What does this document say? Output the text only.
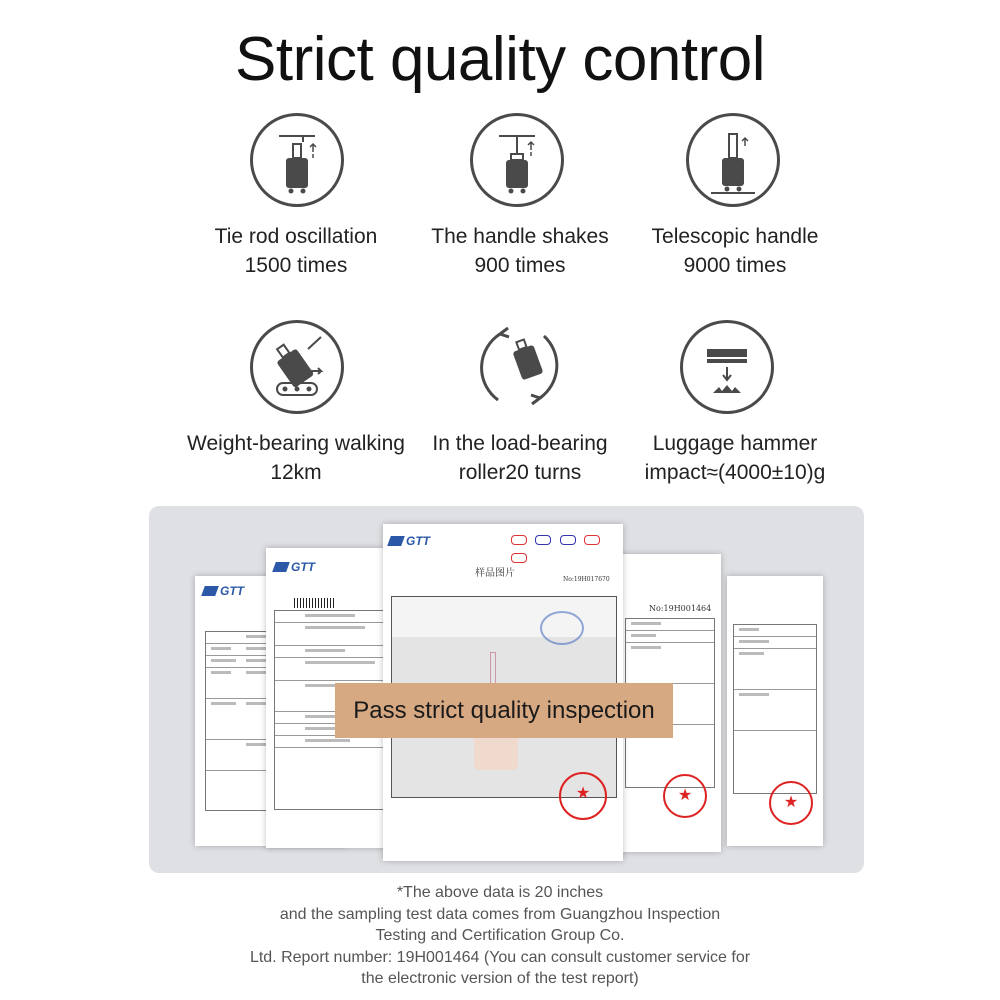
Strict quality control
Tie rod oscillation
1500 times
The handle shakes
900 times
Telescopic handle
9000 times
Weight-bearing walking
12km
In the load-bearing
roller20 turns
Luggage hammer
impact≈(4000±10)g
GTT
★
GTT
No:19H001464
★
GTT

样品图片
No:19H017670
★
Pass strict quality inspection
*The above data is 20 inches
and the sampling test data comes from Guangzhou Inspection
Testing and Certification Group Co.
Ltd. Report number: 19H001464 (You can consult customer service for
the electronic version of the test report)
